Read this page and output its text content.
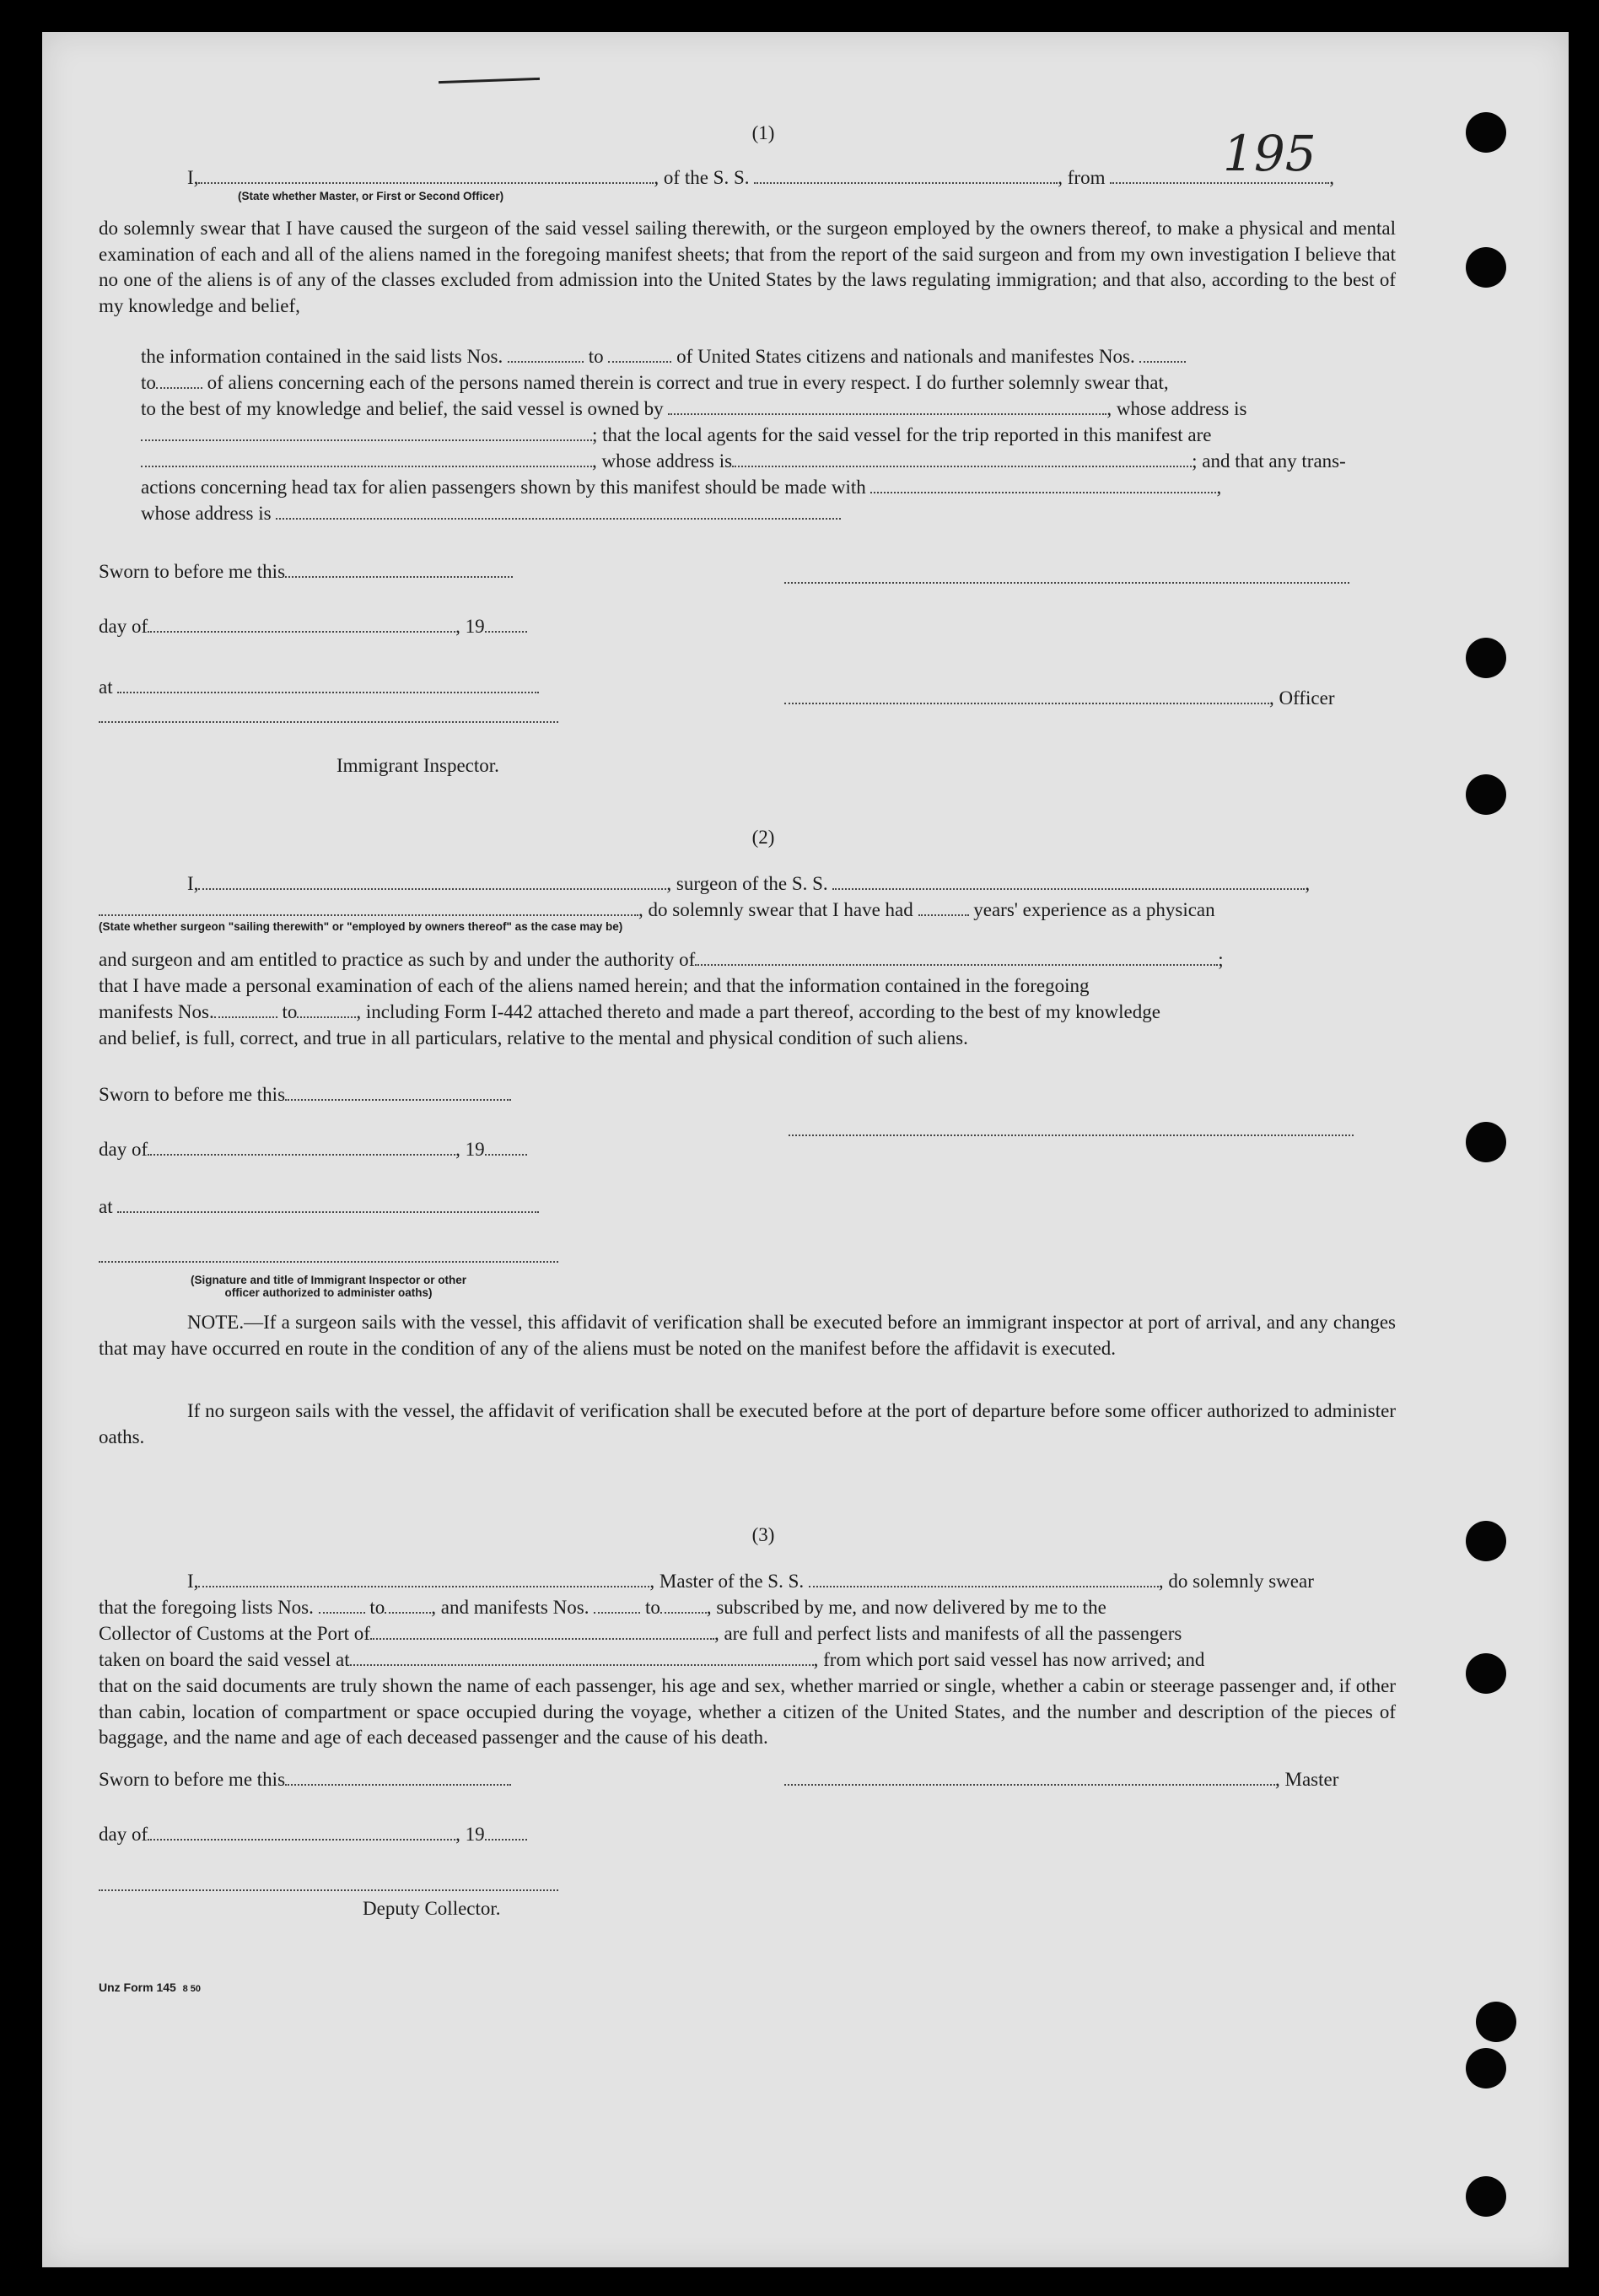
195
(1)
I,	, of the S. S.	, from	,
(State whether Master, or First or Second Officer)
do solemnly swear that I have caused the surgeon of the said vessel sailing therewith, or the surgeon employed by the owners thereof, to make a physical and mental examination of each and all of the aliens named in the foregoing manifest sheets; that from the report of the said surgeon and from my own investigation I believe that no one of the aliens is of any of the classes excluded from admission into the United States by the laws regulating immigration; and that also, according to the best of my knowledge and belief,
the information contained in the said lists Nos.	to	of United States citizens and nationals and manifestes Nos.
to	of aliens concerning each of the persons named therein is correct and true in every respect. I do further solemnly swear that,
to the best of my knowledge and belief, the said vessel is owned by	, whose address is
; that the local agents for the said vessel for the trip reported in this manifest are
, whose address is	; and that any trans-
actions concerning head tax for alien passengers shown by this manifest should be made with	,
whose address is
Sworn to before me this
day of	, 19
at
, Officer
Immigrant Inspector.
(2)
I,	, surgeon of the S. S.	,
, do solemnly swear that I have had	years' experience as a physican
(State whether surgeon "sailing therewith" or "employed by owners thereof" as the case may be)
and surgeon and am entitled to practice as such by and under the authority of	;
that I have made a personal examination of each of the aliens named herein; and that the information contained in the foregoing
manifests Nos.	to	, including Form I-442 attached thereto and made a part thereof, according to the best of my knowledge
and belief, is full, correct, and true in all particulars, relative to the mental and physical condition of such aliens.
Sworn to before me this
day of	, 19
at
(Signature and title of Immigrant Inspector or other
officer authorized to administer oaths)
NOTE.—If a surgeon sails with the vessel, this affidavit of verification shall be executed before an immigrant inspector at port of arrival, and any changes that may have occurred en route in the condition of any of the aliens must be noted on the manifest before the affidavit is executed.
If no surgeon sails with the vessel, the affidavit of verification shall be executed before at the port of departure before some officer authorized to administer oaths.
(3)
I,	, Master of the S. S.	, do solemnly swear
that the foregoing lists Nos.	to , and manifests Nos.	to , subscribed by me, and now delivered by me to the
Collector of Customs at the Port of	, are full and perfect lists and manifests of all the passengers
taken on board the said vessel at	, from which port said vessel has now arrived; and
that on the said documents are truly shown the name of each passenger, his age and sex, whether married or single, whether a cabin or steerage passenger and, if other than cabin, location of compartment or space occupied during the voyage, whether a citizen of the United States, and the number and description of the pieces of baggage, and the name and age of each deceased passenger and the cause of his death.
Sworn to before me this	, Master
day of	, 19
Deputy Collector.
Unz Form 145 8 50
